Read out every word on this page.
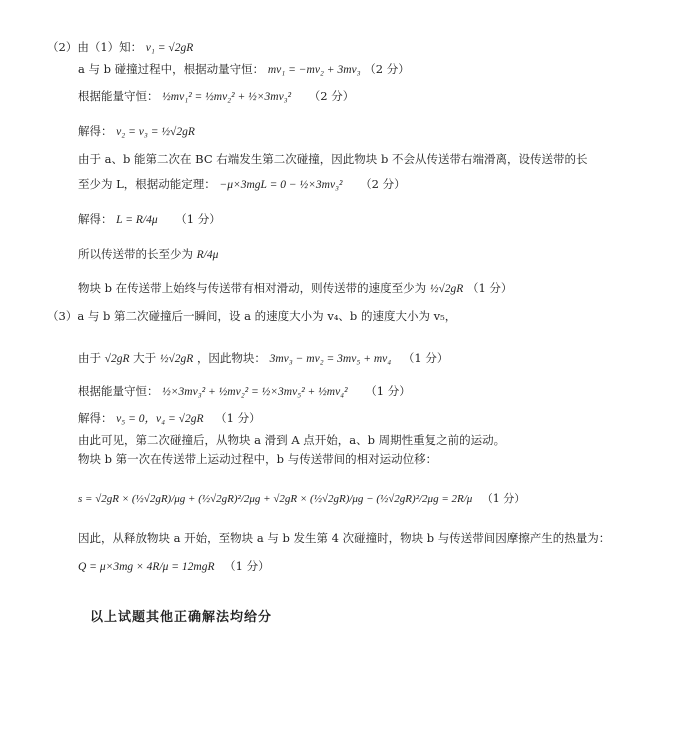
（2）由（1）知： v₁ = √2gR
a 与 b 碰撞过程中，根据动量守恒： mv₁ = −mv₂ + 3mv₃ （2 分）
根据能量守恒： ½mv₁² = ½mv₂² + ½×3mv₃² （2 分）
解得： v₂ = v₃ = ½√2gR
由于 a、b 能第二次在 BC 右端发生第二次碰撞，因此物块 b 不会从传送带右端滑离，设传送带的长
至少为 L，根据动能定理： −μ×3mgL = 0 − ½×3mv₃² （2 分）
解得： L = R/4μ （1 分）
所以传送带的长至少为 R/4μ
物块 b 在传送带上始终与传送带有相对滑动，则传送带的速度至少为 ½√2gR （1 分）
（3）a 与 b 第二次碰撞后一瞬间，设 a 的速度大小为 v₄、b 的速度大小为 v₅，
由于 √2gR 大于 ½√2gR ，因此物块： 3mv₃ − mv₂ = 3mv₅ + mv₄ （1 分）
根据能量守恒： ½×3mv₃² + ½mv₂² = ½×3mv₅² + ½mv₄² （1 分）
解得： v₅ = 0，v₄ = √2gR （1 分）
由此可见，第二次碰撞后，从物块 a 滑到 A 点开始，a、b 周期性重复之前的运动。
物块 b 第一次在传送带上运动过程中，b 与传送带间的相对运动位移：
s = √2gR × (½√2gR)/μg + (½√2gR)²/2μg + √2gR × (½√2gR)/μg − (½√2gR)²/2μg = 2R/μ （1 分）
因此，从释放物块 a 开始，至物块 a 与 b 发生第 4 次碰撞时，物块 b 与传送带间因摩擦产生的热量为：
Q = μ×3mg × 4R/μ = 12mgR （1 分）
以上试题其他正确解法均给分
